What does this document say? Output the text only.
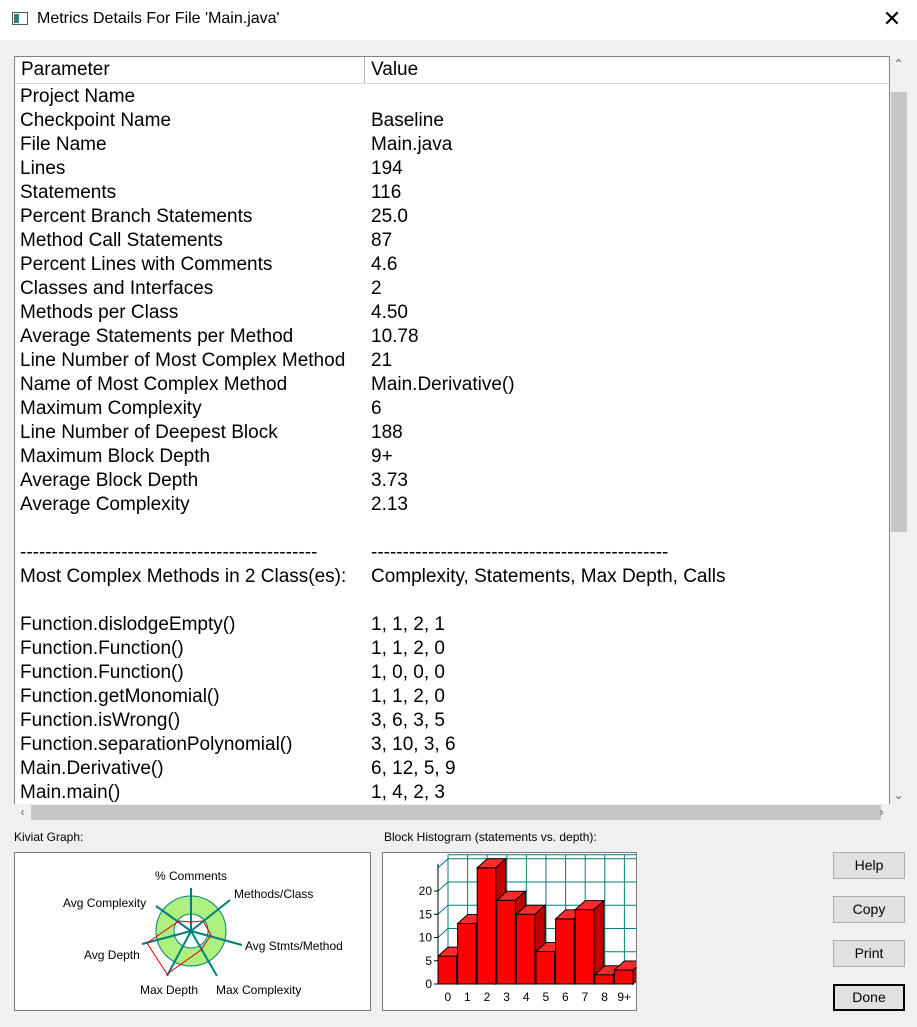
Metrics Details For File 'Main.java'	✕
Parameter	Value
Project Name
Checkpoint Name	Baseline
File Name	Main.java
Lines	194
Statements	116
Percent Branch Statements	25.0
Method Call Statements	87
Percent Lines with Comments	4.6
Classes and Interfaces	2
Methods per Class	4.50
Average Statements per Method	10.78
Line Number of Most Complex Method 21
Name of Most Complex Method	Main.Derivative()
Maximum Complexity	6
Line Number of Deepest Block	188
Maximum Block Depth	9+
Average Block Depth	3.73
Average Complexity	2.13
-----------------------------------------------	-----------------------------------------------
Most Complex Methods in 2 Class(es): Complexity, Statements, Max Depth, Calls
Function.dislodgeEmpty()	1, 1, 2, 1
Function.Function()	1, 1, 2, 0
Function.Function()	1, 0, 0, 0
Function.getMonomial()	1, 1, 2, 0
Function.isWrong()	3, 6, 3, 5
Function.separationPolynomial()	3, 10, 3, 6
Main.Derivative()	6, 12, 5, 9
Main.main()	1, 4, 2, 3
⌃
⌄
‹	›
Kiviat Graph:
% Comments
Methods/Class
Avg Stmts/Method
Max Complexity
Max Depth
Avg Depth
Avg Complexity
Block Histogram (statements vs. depth):
0
5
10
15
20
0 1 2 3 4 5 6 7 8 9+
Help
Copy
Print
Done
